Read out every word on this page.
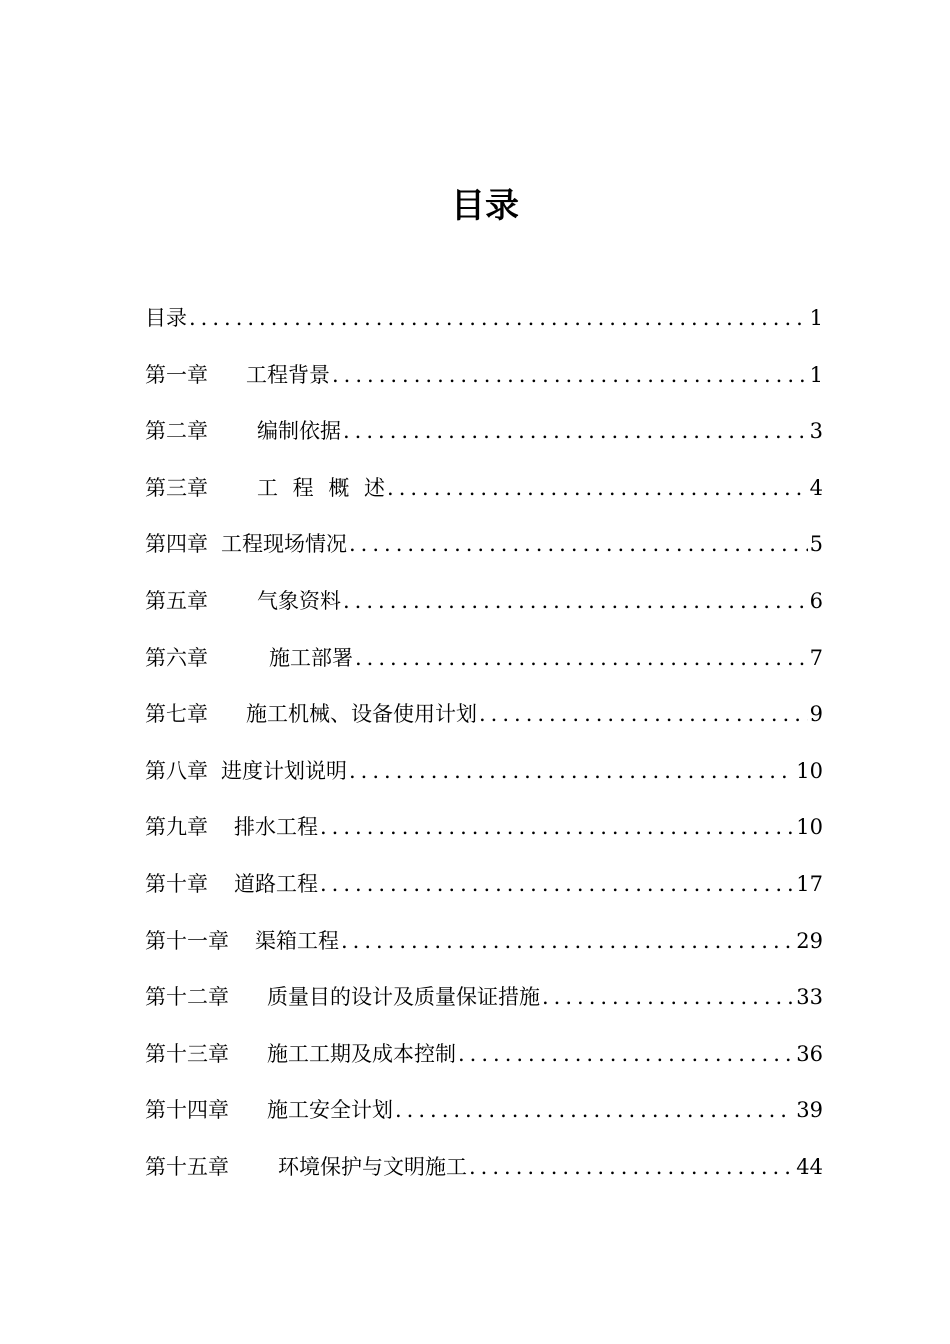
目录
目录 .....	1
第一章 工程背景 .....	1
第二章 编制依据 .....	3
第三章 工 程 概 述 .....	4
第四章 工程现场情况 .....	5
第五章 气象资料 .....	6
第六章	施工部署 .....	7
第七章 施工机械、设备使用计划 .....	9
第八章 进度计划说明 .....	10
第九章 排水工程 .....	10
第十章 道路工程 .....	17
第十一章 渠箱工程 .....	29
第十二章 质量目的设计及质量保证措施 .....	33
第十三章 施工工期及成本控制 .....	36
第十四章 施工安全计划 .....	39
第十五章 环境保护与文明施工 .....	44
